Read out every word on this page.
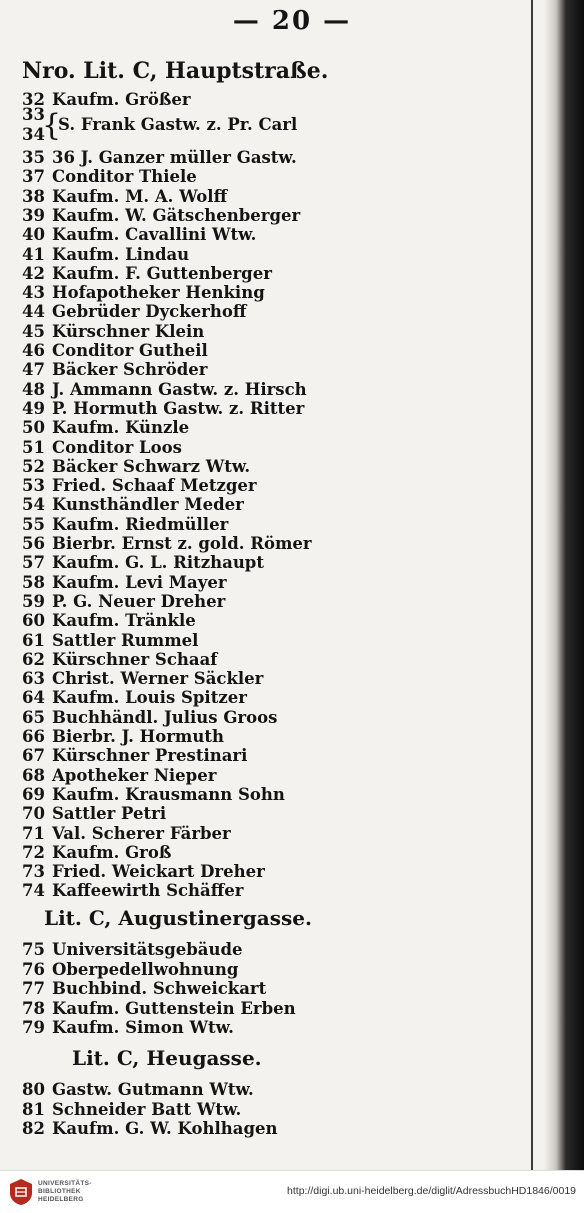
— 20 —
Nro. Lit. C, Hauptstraße.
32 Kaufm. Größer
33
34
{
S. Frank Gastw. z. Pr. Carl
35 36 J. Ganzer müller Gastw.
37 Conditor Thiele
38 Kaufm. M. A. Wolff
39 Kaufm. W. Gätschenberger
40 Kaufm. Cavallini Wtw.
41 Kaufm. Lindau
42 Kaufm. F. Guttenberger
43 Hofapotheker Henking
44 Gebrüder Dyckerhoff
45 Kürschner Klein
46 Conditor Gutheil
47 Bäcker Schröder
48 J. Ammann Gastw. z. Hirsch
49 P. Hormuth Gastw. z. Ritter
50 Kaufm. Künzle
51 Conditor Loos
52 Bäcker Schwarz Wtw.
53 Fried. Schaaf Metzger
54 Kunsthändler Meder
55 Kaufm. Riedmüller
56 Bierbr. Ernst z. gold. Römer
57 Kaufm. G. L. Ritzhaupt
58 Kaufm. Levi Mayer
59 P. G. Neuer Dreher
60 Kaufm. Tränkle
61 Sattler Rummel
62 Kürschner Schaaf
63 Christ. Werner Säckler
64 Kaufm. Louis Spitzer
65 Buchhändl. Julius Groos
66 Bierbr. J. Hormuth
67 Kürschner Prestinari
68 Apotheker Nieper
69 Kaufm. Krausmann Sohn
70 Sattler Petri
71 Val. Scherer Färber
72 Kaufm. Groß
73 Fried. Weickart Dreher
74 Kaffeewirth Schäffer
Lit. C, Augustinergasse.
75 Universitätsgebäude
76 Oberpedellwohnung
77 Buchbind. Schweickart
78 Kaufm. Guttenstein Erben
79 Kaufm. Simon Wtw.
Lit. C, Heugasse.
80 Gastw. Gutmann Wtw.
81 Schneider Batt Wtw.
82 Kaufm. G. W. Kohlhagen
UNIVERSITÄTS-
BIBLIOTHEK
HEIDELBERG
http://digi.ub.uni-heidelberg.de/diglit/AdressbuchHD1846/0019
